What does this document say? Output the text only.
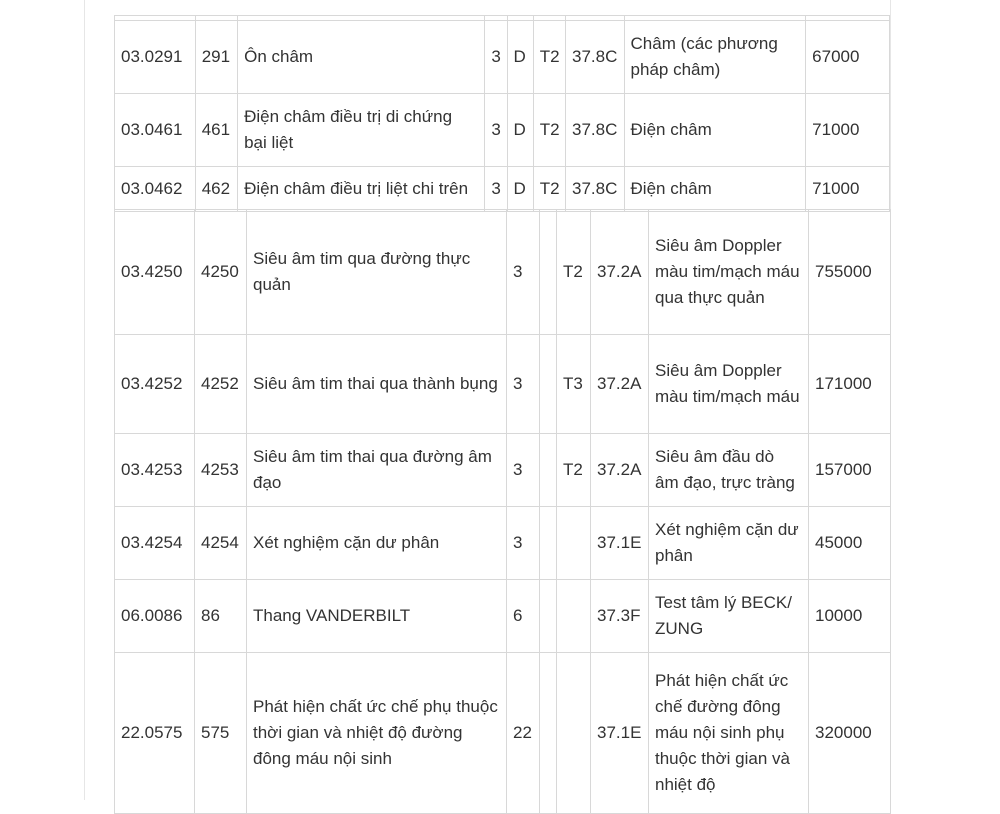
03.0291	291	Ôn châm	3	D	T2	37.8C	Châm (các phương pháp châm)	67000
03.0461	461	Điện châm điều trị di chứng bại liệt	3	D	T2	37.8C	Điện châm	71000
03.0462	462	Điện châm điều trị liệt chi trên	3	D	T2	37.8C	Điện châm	71000
03.4250	4250	Siêu âm tim qua đường thực quản	3		T2	37.2A	Siêu âm Doppler màu tim/mạch máu qua thực quản	755000
03.4252	4252	Siêu âm tim thai qua thành bụng	3		T3	37.2A	Siêu âm Doppler màu tim/mạch máu	171000
03.4253	4253	Siêu âm tim thai qua đường âm đạo	3		T2	37.2A	Siêu âm đầu dò âm đạo, trực tràng	157000
03.4254	4254	Xét nghiệm cặn dư phân	3			37.1E	Xét nghiệm cặn dư phân	45000
06.0086	86	Thang VANDERBILT	6			37.3F	Test tâm lý BECK/ ZUNG	10000
22.0575	575	Phát hiện chất ức chế phụ thuộc thời gian và nhiệt độ đường đông máu nội sinh	22			37.1E	Phát hiện chất ức chế đường đông máu nội sinh phụ thuộc thời gian và nhiệt độ	320000
